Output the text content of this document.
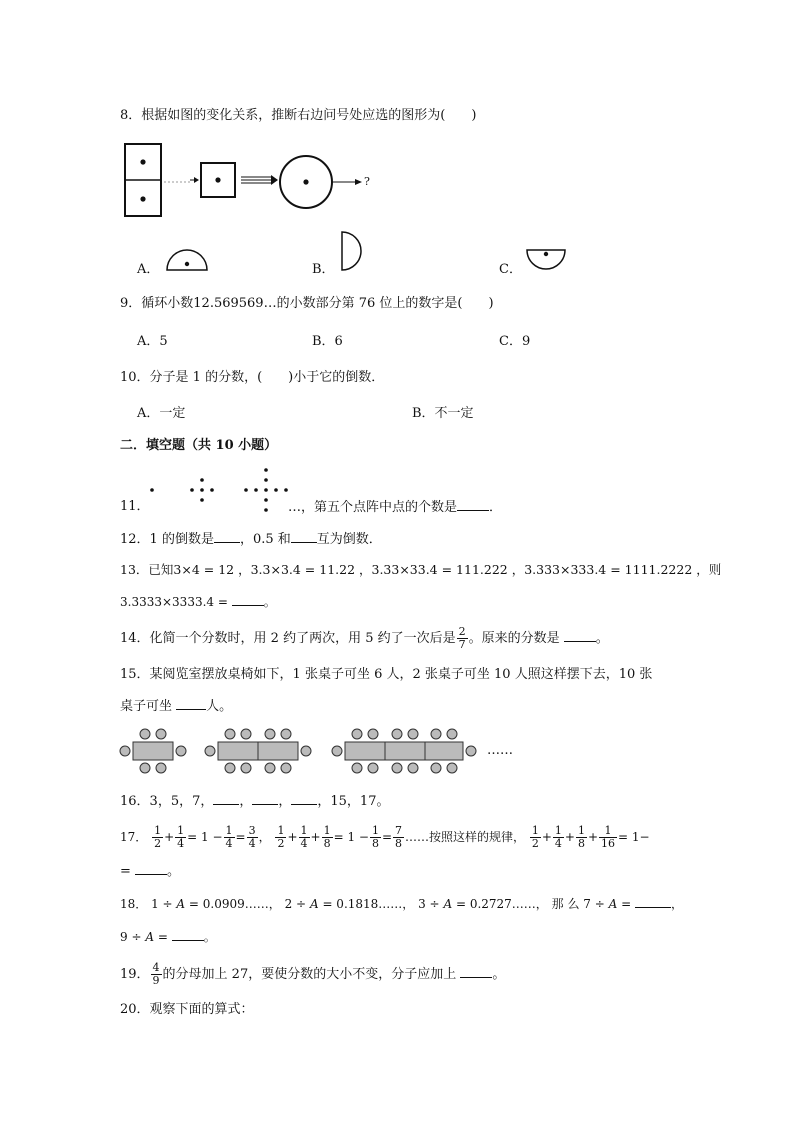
8．根据如图的变化关系，推断右边问号处应选的图形为(　　)
?
A．	B．	C．
9．循环小数12.569569…的小数部分第 76 位上的数字是(　　)
A．5	B．6	C．9
10．分子是 1 的分数，(　　)小于它的倒数．
A．一定	B．不一定
二．填空题（共 10 小题）
11．	…，第五个点阵中点的个数是 ．
12．1 的倒数是 ，0.5 和 互为倒数．
13．已知3×4 = 12 ，3.3×3.4 = 11.22 ，3.33×33.4 = 111.222 ，3.333×333.4 = 1111.2222 ，则
3.3333×3333.4 =	。
14．化简一个分数时，用 2 约了两次，用 5 约了一次后是 $\frac{2}{7}$ 。原来的分数是	。
15．某阅览室摆放桌椅如下，1 张桌子可坐 6 人，2 张桌子可坐 10 人照这样摆下去，10 张
桌子可坐	人。
……
16．3，5，7， ， ， ，15，17。
17． $\frac{1}{2} + \frac{1}{4} = 1 - \frac{1}{4} = \frac{3}{4}$ ， $\frac{1}{2} + \frac{1}{4} + \frac{1}{8} = 1 - \frac{1}{8} = \frac{7}{8}$ ……按照这样的规律， $\frac{1}{2} + \frac{1}{4} + \frac{1}{8} + \frac{1}{16} = 1-$
=	。
18． 1 ÷ A = 0.0909……， 2 ÷ A = 0.1818……， 3 ÷ A = 0.2727……， 那 么 7 ÷ A =	，
9 ÷ A =	。
19． $\frac{4}{9}$ 的分母加上 27，要使分数的大小不变，分子应加上	。
20．观察下面的算式：
